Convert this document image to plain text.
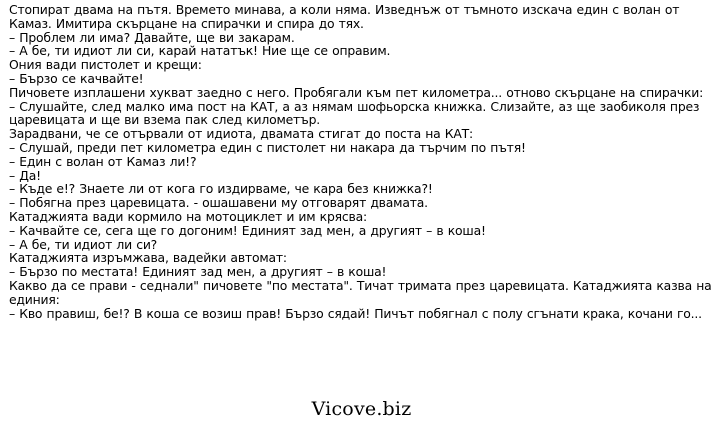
Стопират двама на пътя. Времето минава, а коли няма. Изведнъж от тъмното изскача един с волан от Камаз. Имитира скърцане на спирачки и спира до тях.

– Проблем ли има? Давайте, ще ви закарам.

– А бе, ти идиот ли си, карай нататък! Ние ще се оправим.

Ония вади пистолет и крещи:

– Бързо се качвайте!

Пичовете изплашени хукват заедно с него. Пробягали към пет километра... отново скърцане на спирачки:

– Слушайте, след малко има пост на КАТ, а аз нямам шофьорска книжка. Слизайте, аз ще заобиколя през царевицата и ще ви взема пак след километър.

Зарадвани, че се отървали от идиота, двамата стигат до поста на КАТ:

– Слушай, преди пет километра един с пистолет ни накара да търчим по пътя!

– Един с волан от Камаз ли!?

– Да!

– Къде е!? Знаете ли от кога го издирваме, че кара без книжка?!

– Побягна през царевицата. - ошашавени му отговарят двамата.

Катаджията вади кормило на мотоциклет и им крясва:

– Качвайте се, сега ще го догоним! Единият зад мен, а другият – в коша!

– А бе, ти идиот ли си?

Катаджията изръмжава, вадейки автомат:

– Бързо по местата! Единият зад мен, а другият – в коша!

Какво да се прави - седнали" пичовете "по местата". Тичат тримата през царевицата. Катаджията казва на единия:

– Кво правиш, бе!? В коша се возиш прав! Бързо сядай! Пичът побягнал с полу сгънати крака, кочани го...

Vicove.biz
